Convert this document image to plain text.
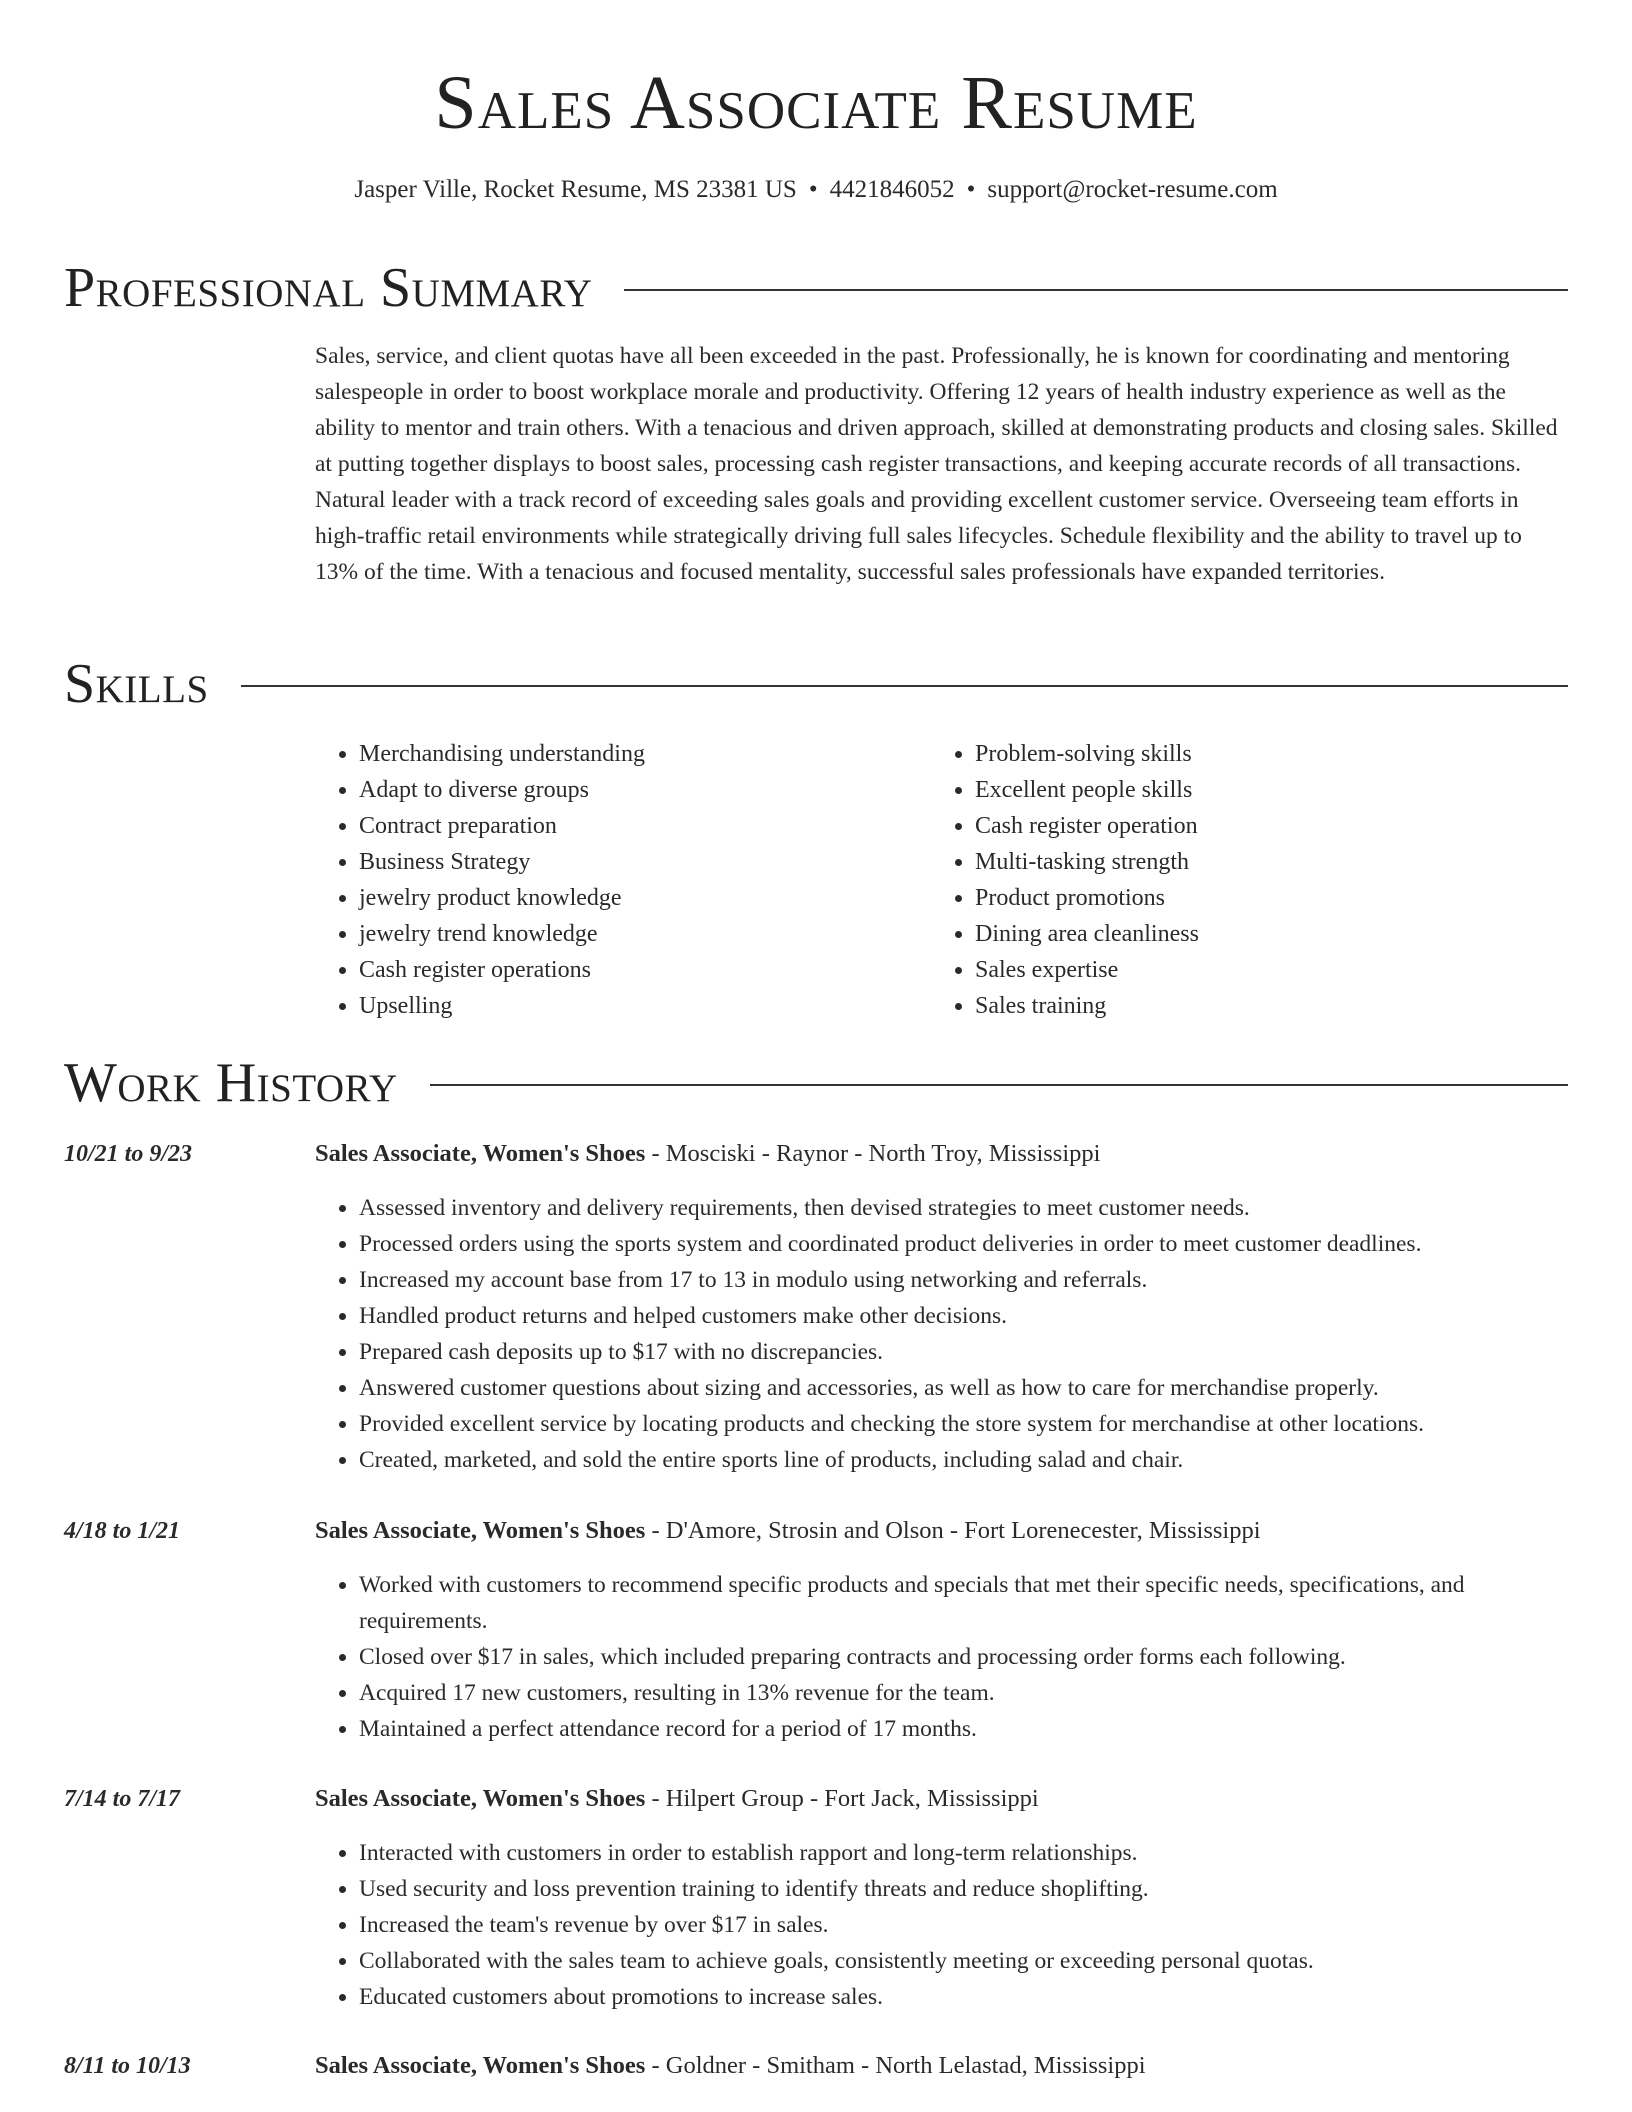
Sales Associate Resume
Jasper Ville, Rocket Resume, MS 23381 US • 4421846052 • support@rocket-resume.com
Professional Summary

Sales, service, and client quotas have all been exceeded in the past. Professionally, he is known for coordinating and mentoring salespeople in order to boost workplace morale and productivity. Offering 12 years of health industry experience as well as the ability to mentor and train others. With a tenacious and driven approach, skilled at demonstrating products and closing sales. Skilled at putting together displays to boost sales, processing cash register transactions, and keeping accurate records of all transactions. Natural leader with a track record of exceeding sales goals and providing excellent customer service. Overseeing team efforts in high-traffic retail environments while strategically driving full sales lifecycles. Schedule flexibility and the ability to travel up to 13% of the time. With a tenacious and focused mentality, successful sales professionals have expanded territories.

Skills
• Merchandising understanding
• Adapt to diverse groups
• Contract preparation
• Business Strategy
• jewelry product knowledge
• jewelry trend knowledge
• Cash register operations
• Upselling
• Problem-solving skills
• Excellent people skills
• Cash register operation
• Multi-tasking strength
• Product promotions
• Dining area cleanliness
• Sales expertise
• Sales training
Work History
10/21 to 9/23	Sales Associate, Women's Shoes - Mosciski - Raynor - North Troy, Mississippi
• Assessed inventory and delivery requirements, then devised strategies to meet customer needs.
• Processed orders using the sports system and coordinated product deliveries in order to meet customer deadlines.
• Increased my account base from 17 to 13 in modulo using networking and referrals.
• Handled product returns and helped customers make other decisions.
• Prepared cash deposits up to $17 with no discrepancies.
• Answered customer questions about sizing and accessories, as well as how to care for merchandise properly.
• Provided excellent service by locating products and checking the store system for merchandise at other locations.
• Created, marketed, and sold the entire sports line of products, including salad and chair.
4/18 to 1/21	Sales Associate, Women's Shoes - D'Amore, Strosin and Olson - Fort Lorenecester, Mississippi
• Worked with customers to recommend specific products and specials that met their specific needs, specifications, and requirements.
• Closed over $17 in sales, which included preparing contracts and processing order forms each following.
• Acquired 17 new customers, resulting in 13% revenue for the team.
• Maintained a perfect attendance record for a period of 17 months.
7/14 to 7/17	Sales Associate, Women's Shoes - Hilpert Group - Fort Jack, Mississippi
• Interacted with customers in order to establish rapport and long-term relationships.
• Used security and loss prevention training to identify threats and reduce shoplifting.
• Increased the team's revenue by over $17 in sales.
• Collaborated with the sales team to achieve goals, consistently meeting or exceeding personal quotas.
• Educated customers about promotions to increase sales.
8/11 to 10/13	Sales Associate, Women's Shoes - Goldner - Smitham - North Lelastad, Mississippi
